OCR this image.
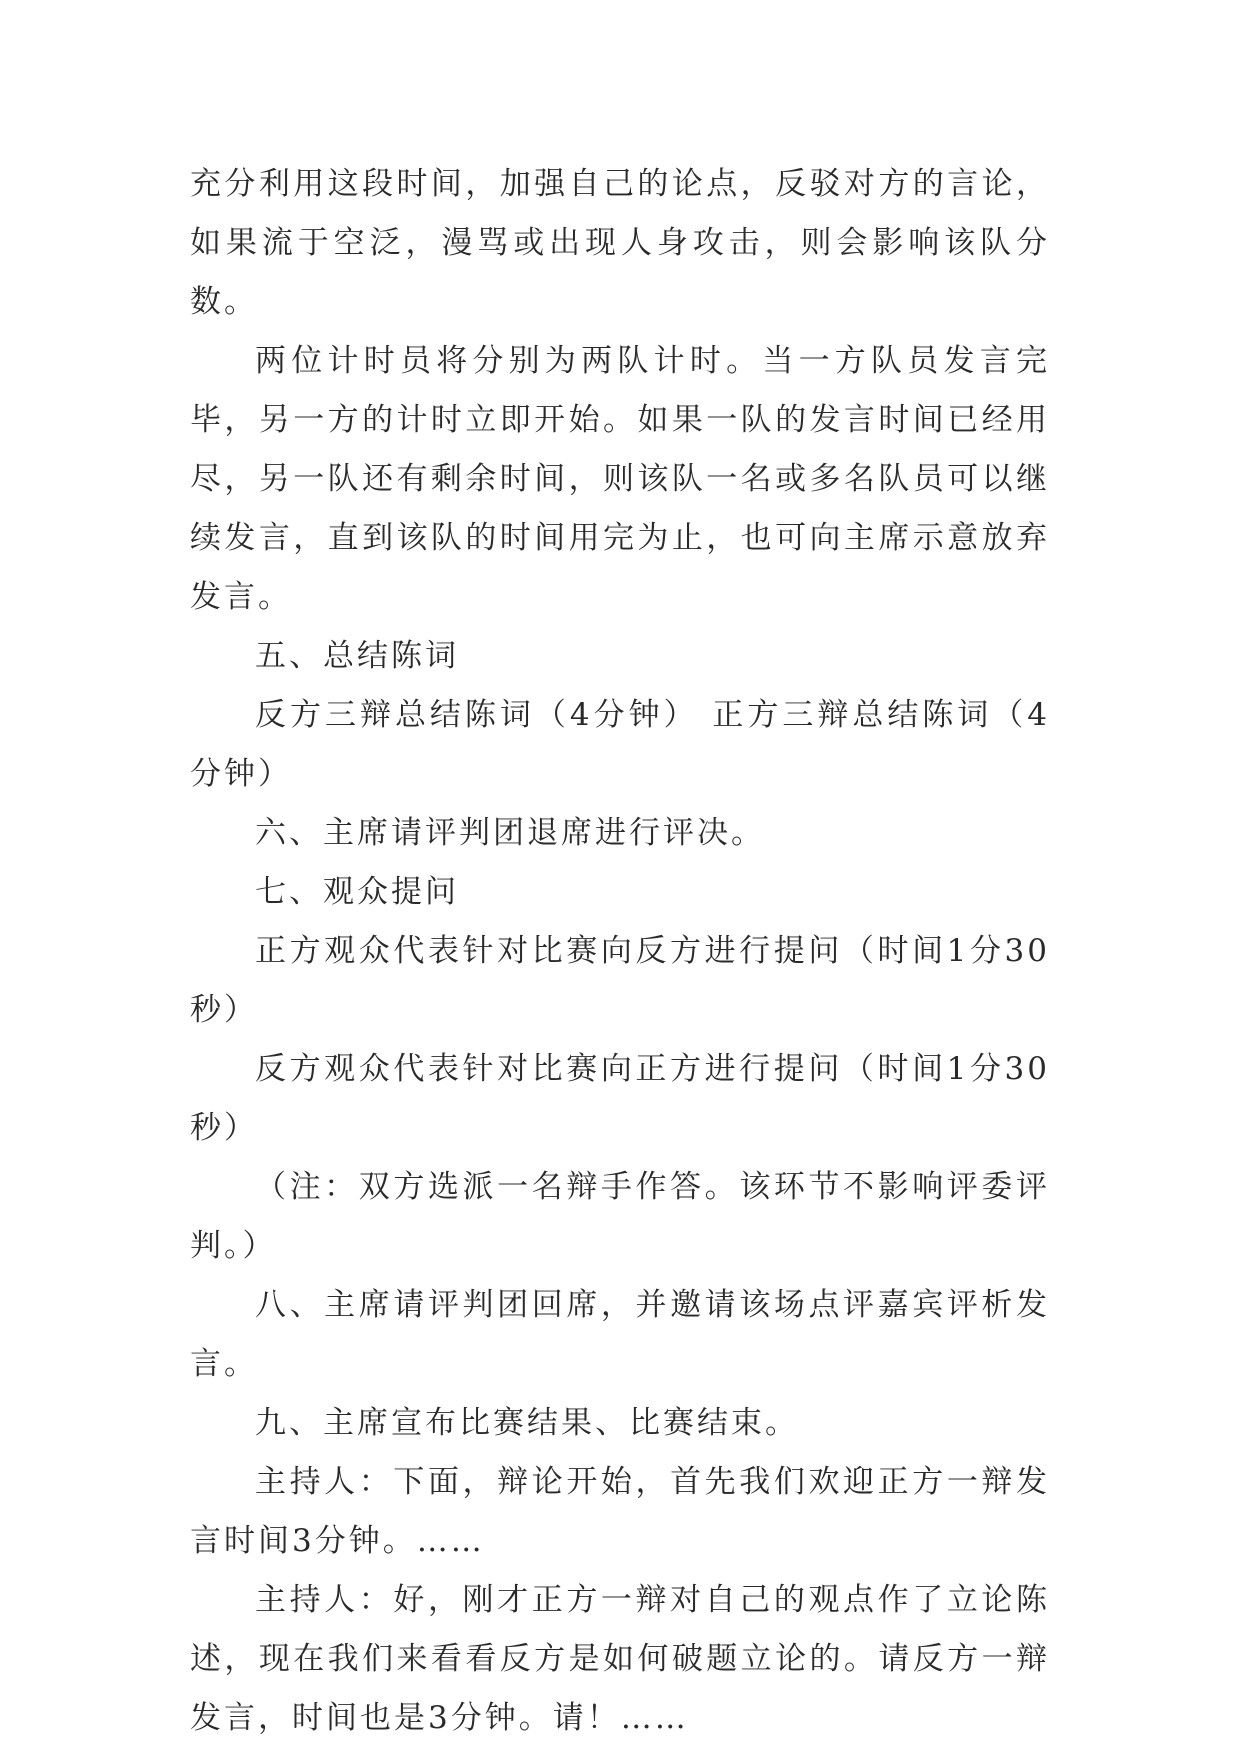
充分利用这段时间，加强自己的论点，反驳对方的言论，如果流于空泛，漫骂或出现人身攻击，则会影响该队分数。

两位计时员将分别为两队计时。当一方队员发言完毕，另一方的计时立即开始。如果一队的发言时间已经用尽，另一队还有剩余时间，则该队一名或多名队员可以继续发言，直到该队的时间用完为止，也可向主席示意放弃发言。

五、总结陈词

反方三辩总结陈词（4分钟） 正方三辩总结陈词（4分钟）

六、主席请评判团退席进行评决。

七、观众提问

正方观众代表针对比赛向反方进行提问（时间1分30秒）

反方观众代表针对比赛向正方进行提问（时间1分30秒）

（注：双方选派一名辩手作答。该环节不影响评委评判。）

八、主席请评判团回席，并邀请该场点评嘉宾评析发言。

九、主席宣布比赛结果、比赛结束。

主持人：下面，辩论开始，首先我们欢迎正方一辩发言时间3分钟。……

主持人：好，刚才正方一辩对自己的观点作了立论陈述，现在我们来看看反方是如何破题立论的。请反方一辩发言，时间也是3分钟。请！……
